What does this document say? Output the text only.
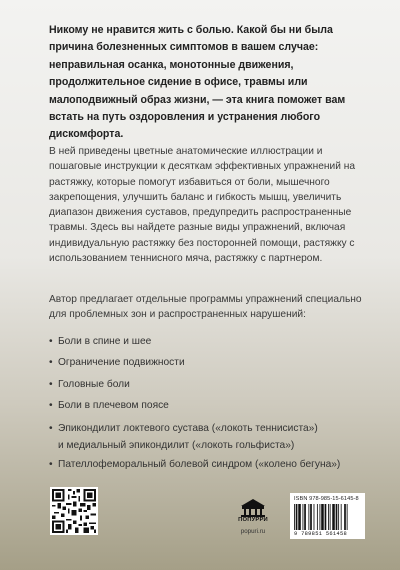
Никому не нравится жить с болью. Какой бы ни была причина болезненных симптомов в вашем случае: неправильная осанка, монотонные движения, продолжительное сидение в офисе, травмы или малоподвижный образ жизни, — эта книга поможет вам встать на путь оздоровления и устранения любого дискомфорта.
В ней приведены цветные анатомические иллюстрации и пошаговые инструкции к десяткам эффективных упражнений на растяжку, которые помогут избавиться от боли, мышечного закрепощения, улучшить баланс и гибкость мышц, увеличить диапазон движения суставов, предупредить распространенные травмы. Здесь вы найдете разные виды упражнений, включая индивидуальную растяжку без посторонней помощи, растяжку с использованием теннисного мяча, растяжку с партнером.
Автор предлагает отдельные программы упражнений специально для проблемных зон и распространенных нарушений:
• Боли в спине и шее
• Ограничение подвижности
• Головные боли
• Боли в плечевом поясе
• Эпикондилит локтевого сустава («локоть теннисиста»)
и медиальный эпикондилит («локоть гольфиста»)
• Пателлофеморальный болевой синдром («колено бегуна»)
ПОПУРРИ
popuri.ru
ISBN 978-985-15-6145-8
9 789851 561458
